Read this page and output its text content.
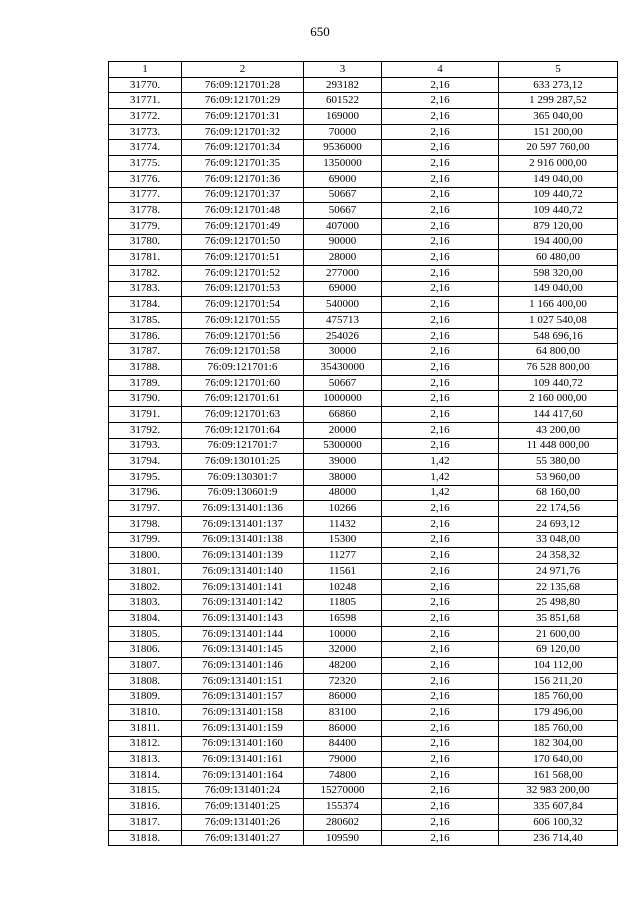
650
1	2	3	4	5
31770.	76:09:121701:28	293182	2,16	633 273,12
31771.	76:09:121701:29	601522	2,16	1 299 287,52
31772.	76:09:121701:31	169000	2,16	365 040,00
31773.	76:09:121701:32	70000	2,16	151 200,00
31774.	76:09:121701:34	9536000	2,16	20 597 760,00
31775.	76:09:121701:35	1350000	2,16	2 916 000,00
31776.	76:09:121701:36	69000	2,16	149 040,00
31777.	76:09:121701:37	50667	2,16	109 440,72
31778.	76:09:121701:48	50667	2,16	109 440,72
31779.	76:09:121701:49	407000	2,16	879 120,00
31780.	76:09:121701:50	90000	2,16	194 400,00
31781.	76:09:121701:51	28000	2,16	60 480,00
31782.	76:09:121701:52	277000	2,16	598 320,00
31783.	76:09:121701:53	69000	2,16	149 040,00
31784.	76:09:121701:54	540000	2,16	1 166 400,00
31785.	76:09:121701:55	475713	2,16	1 027 540,08
31786.	76:09:121701:56	254026	2,16	548 696,16
31787.	76:09:121701:58	30000	2,16	64 800,00
31788.	76:09:121701:6	35430000	2,16	76 528 800,00
31789.	76:09:121701:60	50667	2,16	109 440,72
31790.	76:09:121701:61	1000000	2,16	2 160 000,00
31791.	76:09:121701:63	66860	2,16	144 417,60
31792.	76:09:121701:64	20000	2,16	43 200,00
31793.	76:09:121701:7	5300000	2,16	11 448 000,00
31794.	76:09:130101:25	39000	1,42	55 380,00
31795.	76:09:130301:7	38000	1,42	53 960,00
31796.	76:09:130601:9	48000	1,42	68 160,00
31797.	76:09:131401:136	10266	2,16	22 174,56
31798.	76:09:131401:137	11432	2,16	24 693,12
31799.	76:09:131401:138	15300	2,16	33 048,00
31800.	76:09:131401:139	11277	2,16	24 358,32
31801.	76:09:131401:140	11561	2,16	24 971,76
31802.	76:09:131401:141	10248	2,16	22 135,68
31803.	76:09:131401:142	11805	2,16	25 498,80
31804.	76:09:131401:143	16598	2,16	35 851,68
31805.	76:09:131401:144	10000	2,16	21 600,00
31806.	76:09:131401:145	32000	2,16	69 120,00
31807.	76:09:131401:146	48200	2,16	104 112,00
31808.	76:09:131401:151	72320	2,16	156 211,20
31809.	76:09:131401:157	86000	2,16	185 760,00
31810.	76:09:131401:158	83100	2,16	179 496,00
31811.	76:09:131401:159	86000	2,16	185 760,00
31812.	76:09:131401:160	84400	2,16	182 304,00
31813.	76:09:131401:161	79000	2,16	170 640,00
31814.	76:09:131401:164	74800	2,16	161 568,00
31815.	76:09:131401:24	15270000	2,16	32 983 200,00
31816.	76:09:131401:25	155374	2,16	335 607,84
31817.	76:09:131401:26	280602	2,16	606 100,32
31818.	76:09:131401:27	109590	2,16	236 714,40
